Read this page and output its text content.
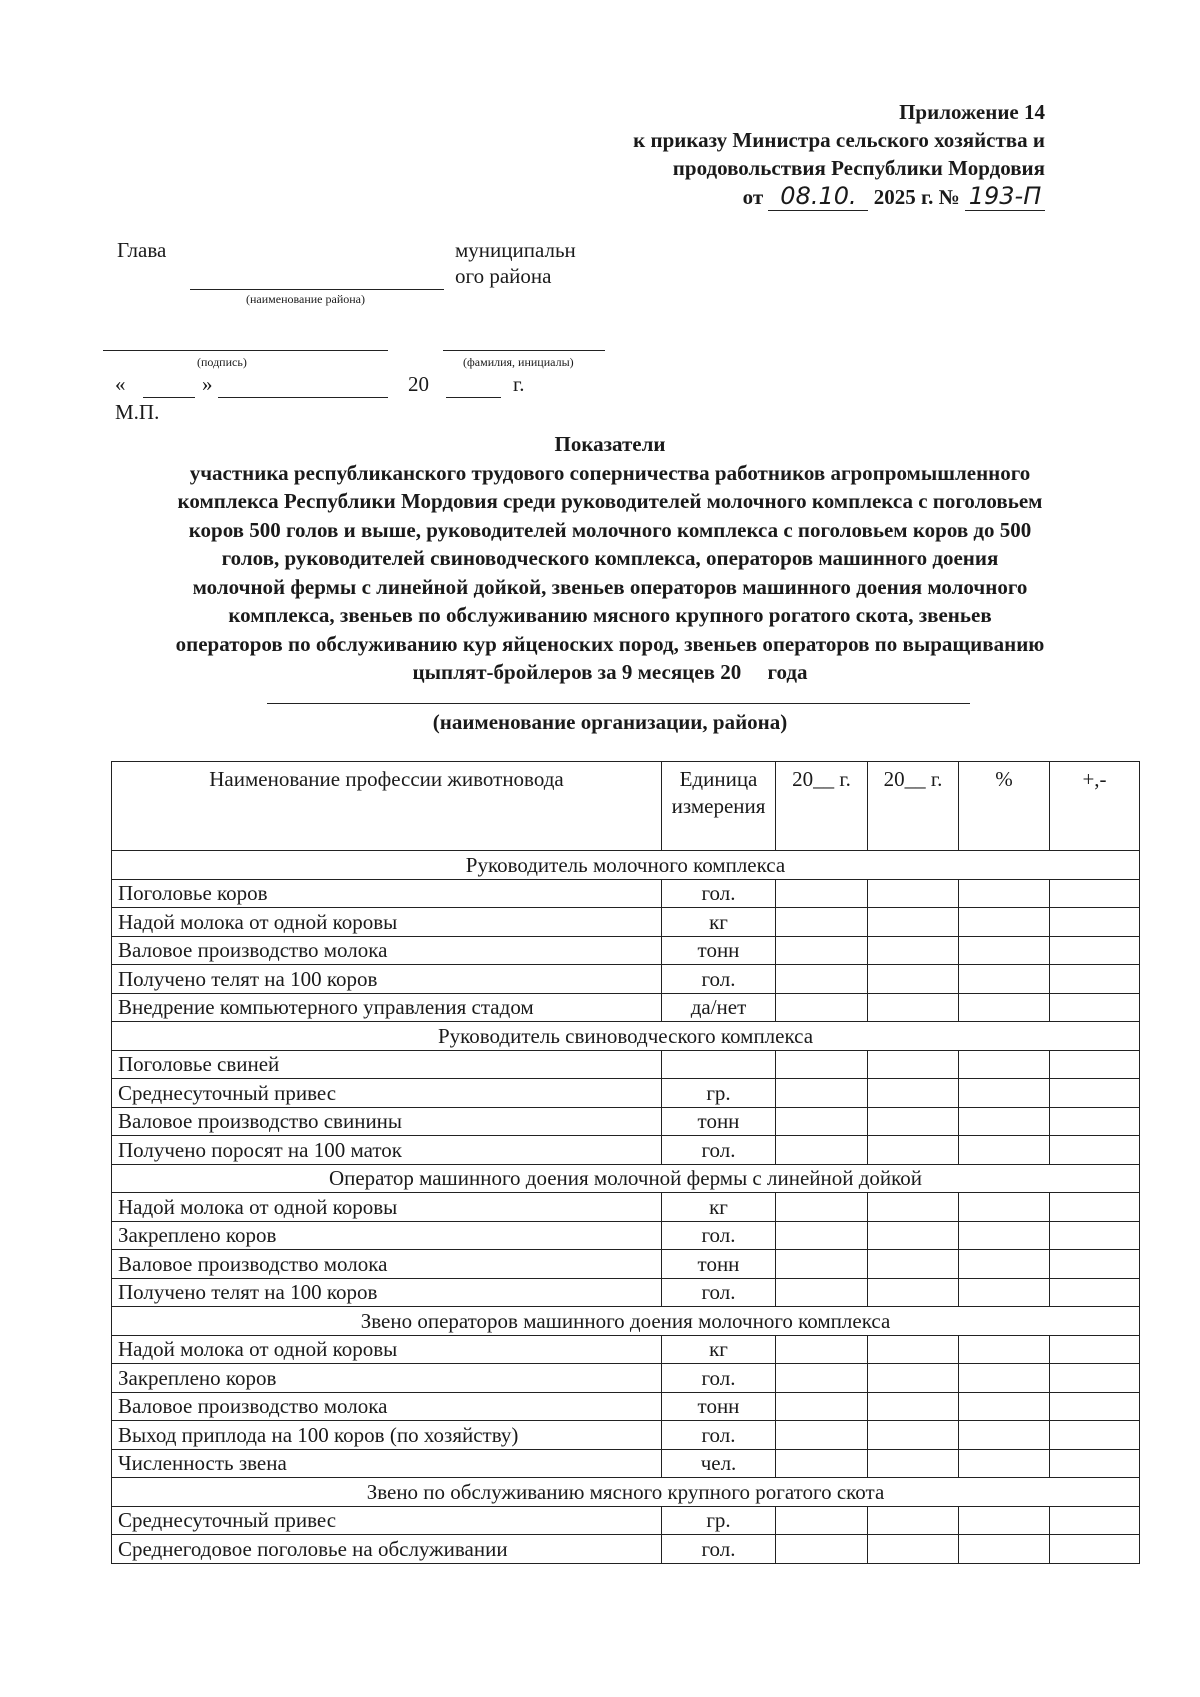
Приложение 14
к приказу Министра сельского хозяйства и
продовольствия Республики Мордовия
от 08.10. 2025 г. № 193-П
Глава	муниципальн
ого района
(наименование района)
(подпись)	(фамилия, инициалы)
«	»	20	г.
М.П.
Показатели
участника республиканского трудового соперничества работников агропромышленного
комплекса Республики Мордовия среди руководителей молочного комплекса с поголовьем
коров 500 голов и выше, руководителей молочного комплекса с поголовьем коров до 500
голов, руководителей свиноводческого комплекса, операторов машинного доения
молочной фермы с линейной дойкой, звеньев операторов машинного доения молочного
комплекса, звеньев по обслуживанию мясного крупного рогатого скота, звеньев
операторов по обслуживанию кур яйценоских пород, звеньев операторов по выращиванию
цыплят-бройлеров за 9 месяцев 20     года
(наименование организации, района)
Наименование профессии животновода	Единица измерения	20__ г.	20__ г.	%	+,-
Руководитель молочного комплекса					
Поголовье коров	гол.				
Надой молока от одной коровы	кг				
Валовое производство молока	тонн				
Получено телят на 100 коров	гол.				
Внедрение компьютерного управления стадом	да/нет				
Руководитель свиноводческого комплекса					
Поголовье свиней					
Среднесуточный привес	гр.				
Валовое производство свинины	тонн				
Получено поросят на 100 маток	гол.				
Оператор машинного доения молочной фермы с линейной дойкой					
Надой молока от одной коровы	кг				
Закреплено коров	гол.				
Валовое производство молока	тонн				
Получено телят на 100 коров	гол.				
Звено операторов машинного доения молочного комплекса					
Надой молока от одной коровы	кг				
Закреплено коров	гол.				
Валовое производство молока	тонн				
Выход приплода на 100 коров (по хозяйству)	гол.				
Численность звена	чел.				
Звено по обслуживанию мясного крупного рогатого скота					
Среднесуточный привес	гр.				
Среднегодовое поголовье на обслуживании	гол.				
